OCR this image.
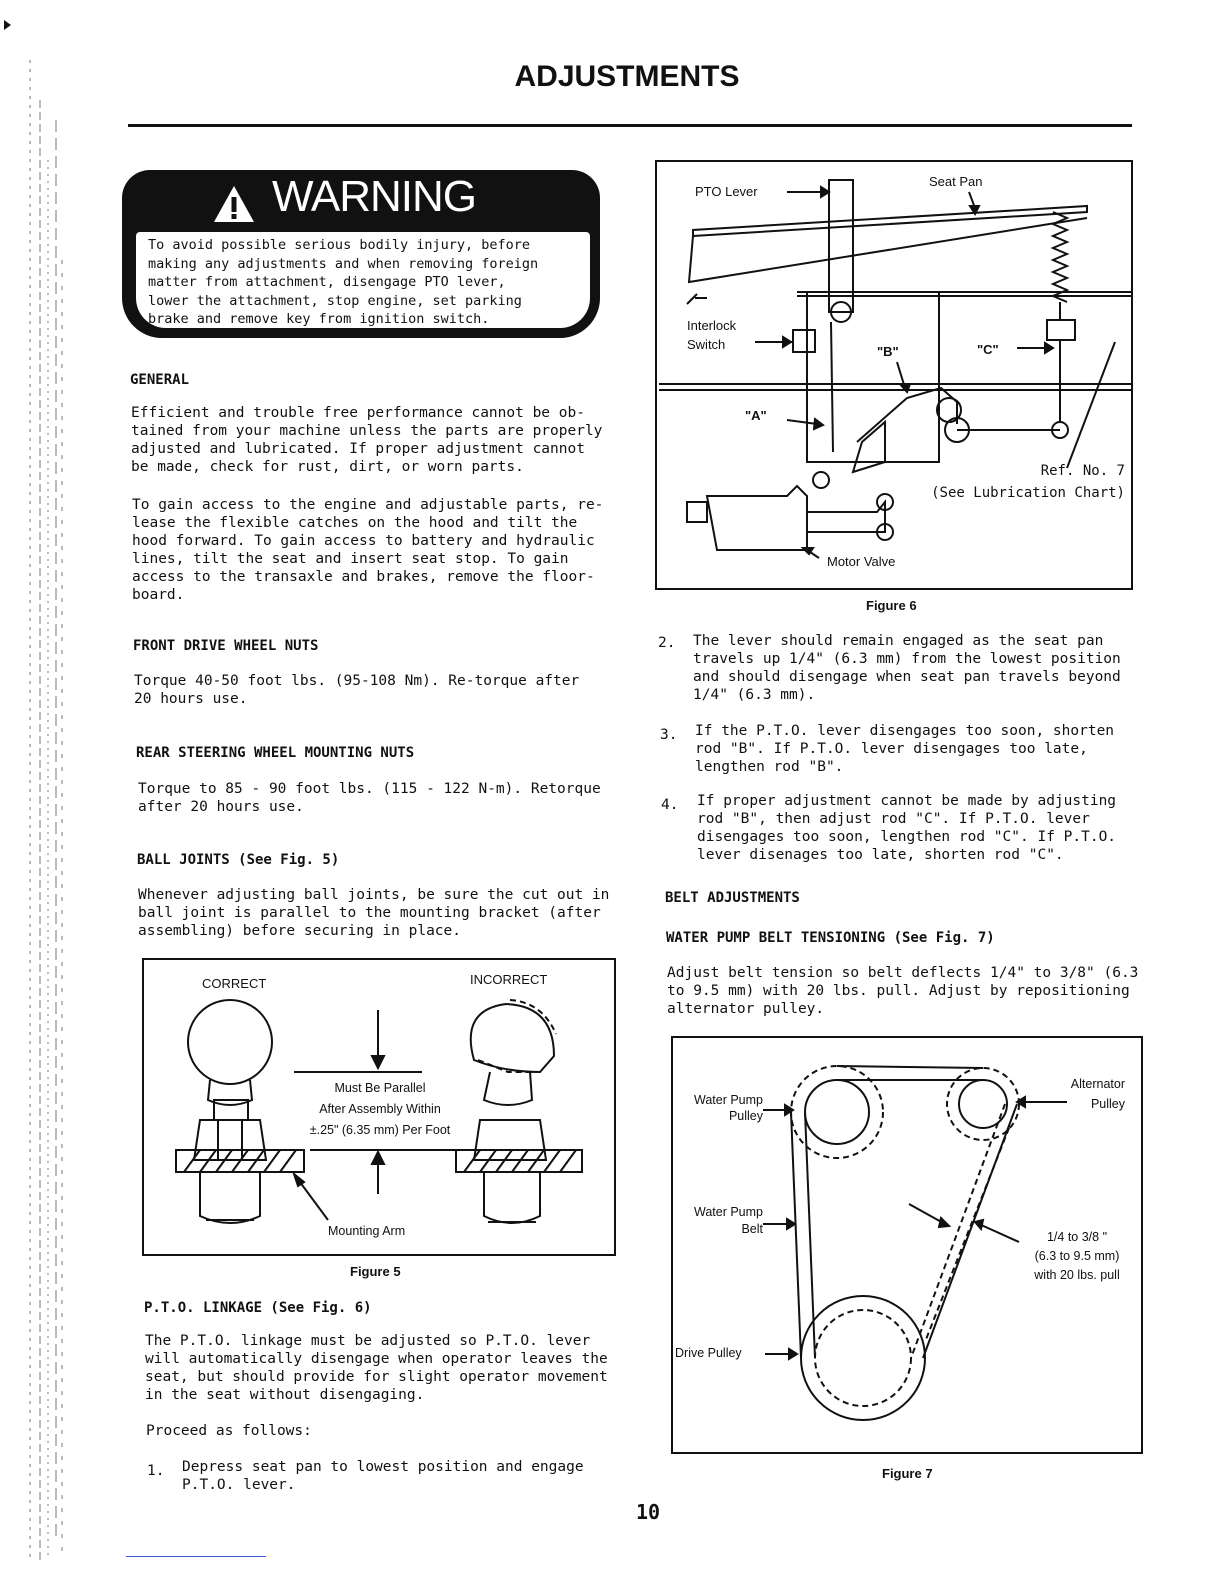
ADJUSTMENTS
WARNING
To avoid possible serious bodily injury, before
making any adjustments and when removing foreign
matter from attachment, disengage PTO lever,
lower the attachment, stop engine, set parking
brake and remove key from ignition switch.
GENERAL
Efficient and trouble free performance cannot be ob-
tained from your machine unless the parts are properly
adjusted and lubricated. If proper adjustment cannot
be made, check for rust, dirt, or worn parts.
To gain access to the engine and adjustable parts, re-
lease the flexible catches on the hood and tilt the
hood forward. To gain access to battery and hydraulic
lines, tilt the seat and insert seat stop. To gain
access to the transaxle and brakes, remove the floor-
board.
FRONT DRIVE WHEEL NUTS
Torque 40-50 foot lbs. (95-108 Nm). Re-torque after
20 hours use.
REAR STEERING WHEEL MOUNTING NUTS
Torque to 85 - 90 foot lbs. (115 - 122 N-m). Retorque
after 20 hours use.
BALL JOINTS (See Fig. 5)
Whenever adjusting ball joints, be sure the cut out in
ball joint is parallel to the mounting bracket (after
assembling) before securing in place.
CORRECT	INCORRECT
Must Be Parallel
After Assembly Within
±.25" (6.35 mm) Per Foot
Mounting Arm
Figure 5
P.T.O. LINKAGE (See Fig. 6)
The P.T.O. linkage must be adjusted so P.T.O. lever
will automatically disengage when operator leaves the
seat, but should provide for slight operator movement
in the seat without disengaging.
Proceed as follows:
1. Depress seat pan to lowest position and engage
P.T.O. lever.
PTO Lever
Seat Pan
Interlock
Switch
"A"
"B"	"C"
Ref. No. 7
(See Lubrication Chart)
Motor Valve
Figure 6
2. The lever should remain engaged as the seat pan
travels up 1/4" (6.3 mm) from the lowest position
and should disengage when seat pan travels beyond
1/4" (6.3 mm).
3. If the P.T.O. lever disengages too soon, shorten
rod "B". If P.T.O. lever disengages too late,
lengthen rod "B".
4. If proper adjustment cannot be made by adjusting
rod "B", then adjust rod "C". If P.T.O. lever
disengages too soon, lengthen rod "C". If P.T.O.
lever disenages too late, shorten rod "C".
BELT ADJUSTMENTS
WATER PUMP BELT TENSIONING (See Fig. 7)
Adjust belt tension so belt deflects 1/4" to 3/8" (6.3
to 9.5 mm) with 20 lbs. pull. Adjust by repositioning
alternator pulley.
Water Pump
Pulley
Alternator
Pulley
Water Pump
Belt
1/4 to 3/8 "
(6.3 to 9.5 mm)
with 20 lbs. pull
Drive Pulley
Figure 7
10
